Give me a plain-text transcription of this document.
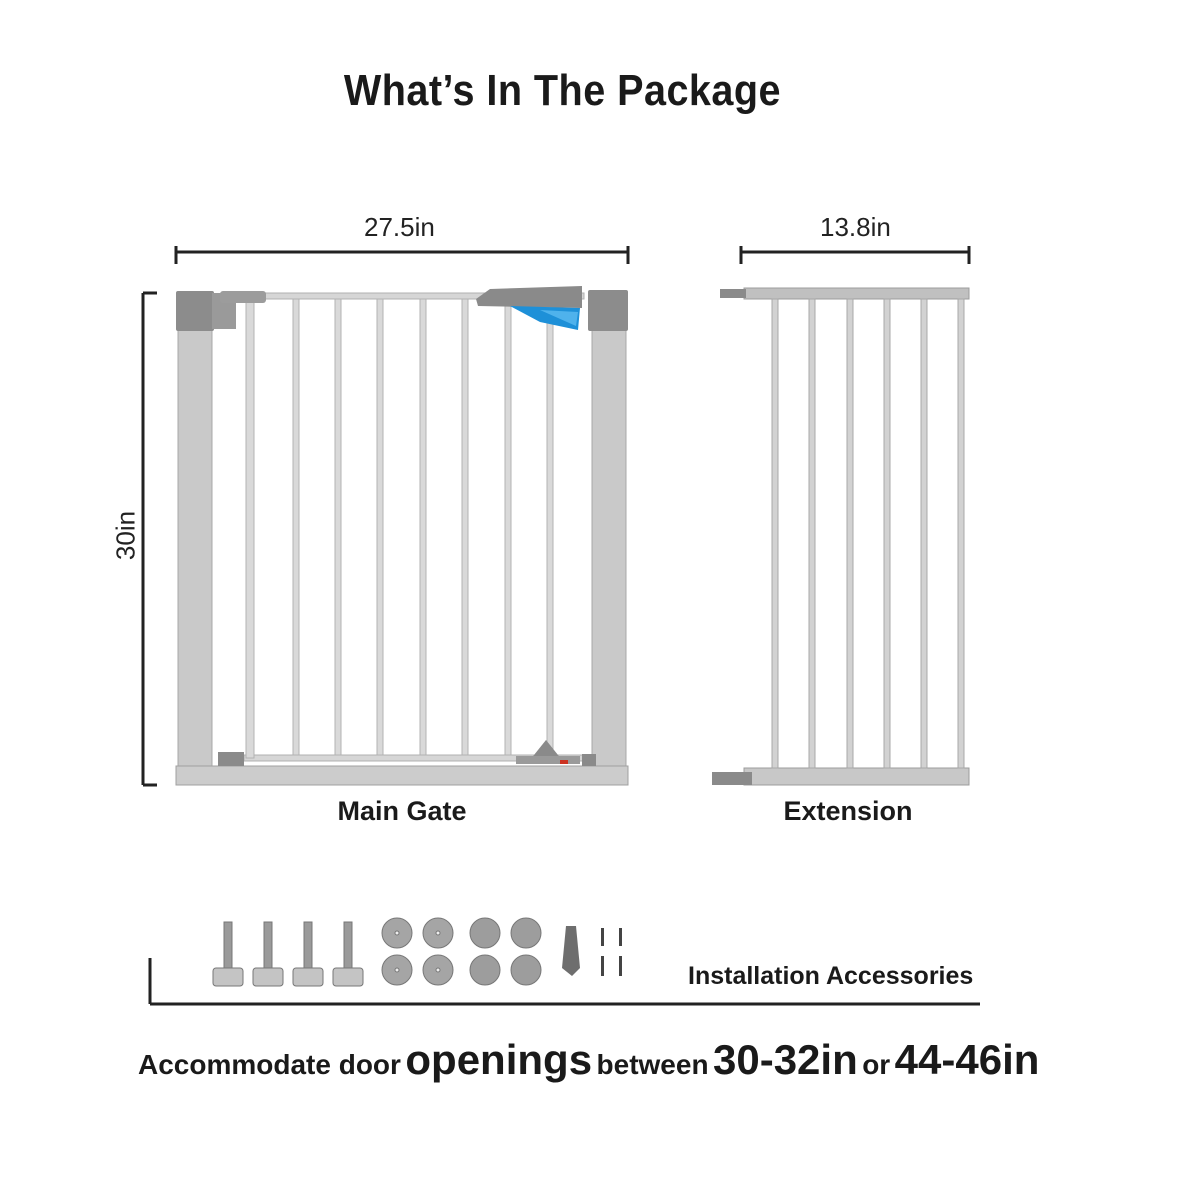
What’s In The Package
27.5in
30in
13.8in
Main Gate	Extension
Installation Accessories
Accommodate door openings between 30-32in or 44-46in
